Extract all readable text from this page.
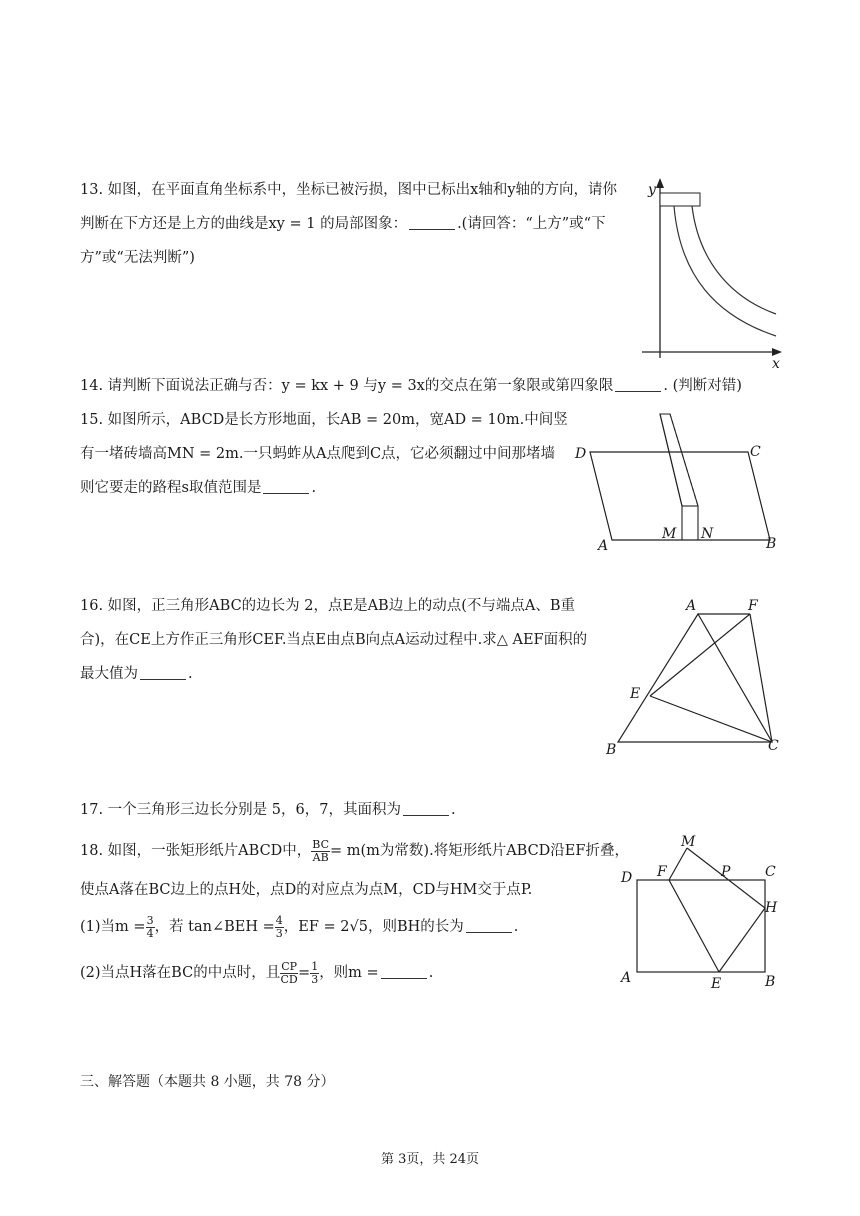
13. 如图，在平面直角坐标系中，坐标已被污损，图中已标出x轴和y轴的方向，请你
判断在下方还是上方的曲线是xy = 1 的局部图象：	.(请回答：“上方”或“下
方”或“无法判断”)
y
x
14. 请判断下面说法正确与否：y = kx + 9 与y = 3x的交点在第一象限或第四象限	. (判断对错)
15. 如图所示，ABCD是长方形地面，长AB = 20m，宽AD = 10m.中间竖
有一堵砖墙高MN = 2m.一只蚂蚱从A点爬到C点，它必须翻过中间那堵墙
则它要走的路程s取值范围是	.
D	C
A	B
M N
16. 如图，正三角形ABC的边长为 2，点E是AB边上的动点(不与端点A、B重
合)，在CE上方作正三角形CEF.当点E由点B向点A运动过程中.求△ AEF面积的
最大值为	.
A	F
E
B	C
17. 一个三角形三边长分别是 5，6，7，其面积为	.
18. 如图，一张矩形纸片ABCD中， $\frac{BC}{AB} = m(m$为常数).将矩形纸片ABCD沿EF折叠，
使点A落在BC边上的点H处，点D的对应点为点M，CD与HM交于点P.
(1)当$m = \frac{3}{4}$ ，若 tan∠BEH = $\frac{4}{3}$ ，EF = 2√5，则BH的长为	.
(2)当点H落在BC的中点时，且 $\frac{CP}{CD} = \frac{1}{3}$ ，则m =	.
M
D F	P C
H
A	E	B
三、解答题（本题共 8 小题，共 78 分）
第 3页，共 24页
